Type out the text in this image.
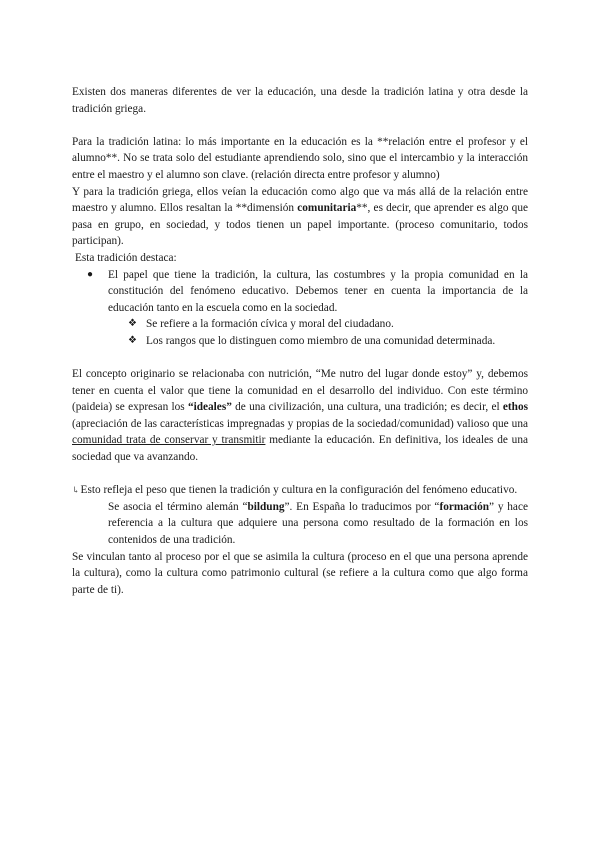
Existen dos maneras diferentes de ver la educación, una desde la tradición latina y otra desde la tradición griega.

Para la tradición latina: lo más importante en la educación es la **relación entre el profesor y el alumno**. No se trata solo del estudiante aprendiendo solo, sino que el intercambio y la interacción entre el maestro y el alumno son clave. (relación directa entre profesor y alumno)

Y para la tradición griega, ellos veían la educación como algo que va más allá de la relación entre maestro y alumno. Ellos resaltan la **dimensión comunitaria**, es decir, que aprender es algo que pasa en grupo, en sociedad, y todos tienen un papel importante. (proceso comunitario, todos participan).

Esta tradición destaca:

● El papel que tiene la tradición, la cultura, las costumbres y la propia comunidad en la constitución del fenómeno educativo. Debemos tener en cuenta la importancia de la educación tanto en la escuela como en la sociedad.
❖ Se refiere a la formación cívica y moral del ciudadano.
❖ Los rangos que lo distinguen como miembro de una comunidad determinada.

El concepto originario se relacionaba con nutrición, “Me nutro del lugar donde estoy” y, debemos tener en cuenta el valor que tiene la comunidad en el desarrollo del individuo. Con este término (paideia) se expresan los “ideales” de una civilización, una cultura, una tradición; es decir, el ethos (apreciación de las características impregnadas y propias de la sociedad/comunidad) valioso que una comunidad trata de conservar y transmitir mediante la educación. En definitiva, los ideales de una sociedad que va avanzando.

↳Esto refleja el peso que tienen la tradición y cultura en la configuración del fenómeno educativo.

Se asocia el término alemán “bildung”. En España lo traducimos por “formación” y hace referencia a la cultura que adquiere una persona como resultado de la formación en los contenidos de una tradición.

Se vinculan tanto al proceso por el que se asimila la cultura (proceso en el que una persona aprende la cultura), como la cultura como patrimonio cultural (se refiere a la cultura como que algo forma parte de ti).
